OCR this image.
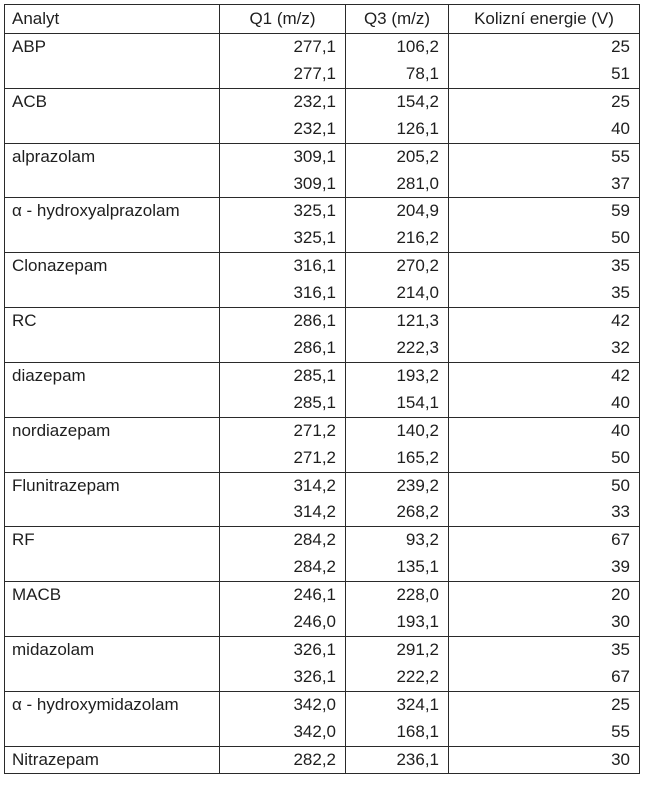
Analyt	Q1 (m/z)	Q3 (m/z)	Kolizní energie (V)
ABP	277,1	106,2	25
	277,1	78,1	51
ACB	232,1	154,2	25
	232,1	126,1	40
alprazolam	309,1	205,2	55
	309,1	281,0	37
α - hydroxyalprazolam	325,1	204,9	59
	325,1	216,2	50
Clonazepam	316,1	270,2	35
	316,1	214,0	35
RC	286,1	121,3	42
	286,1	222,3	32
diazepam	285,1	193,2	42
	285,1	154,1	40
nordiazepam	271,2	140,2	40
	271,2	165,2	50
Flunitrazepam	314,2	239,2	50
	314,2	268,2	33
RF	284,2	93,2	67
	284,2	135,1	39
MACB	246,1	228,0	20
	246,0	193,1	30
midazolam	326,1	291,2	35
	326,1	222,2	67
α - hydroxymidazolam	342,0	324,1	25
	342,0	168,1	55
Nitrazepam	282,2	236,1	30
